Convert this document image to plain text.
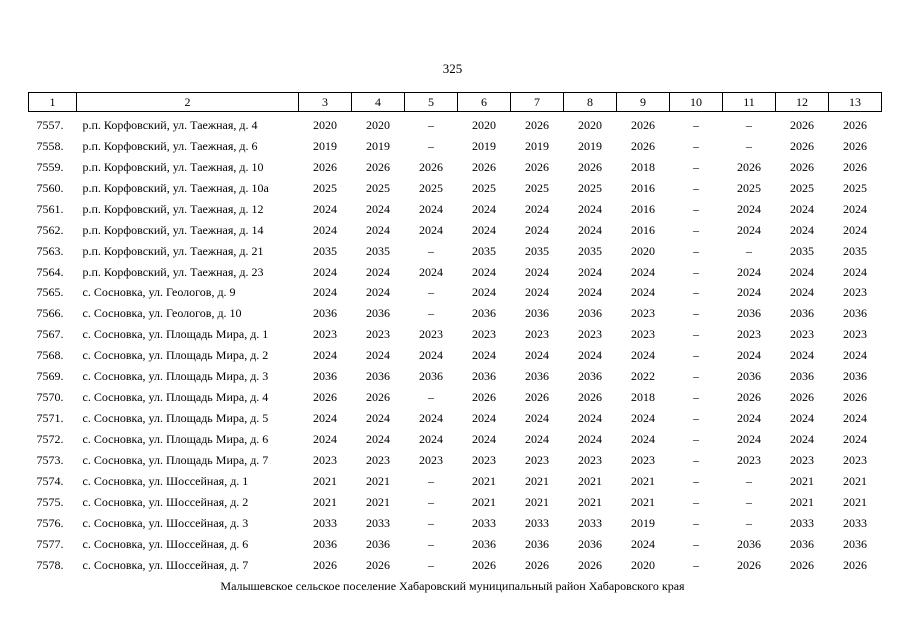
325
1	2	3	4	5	6	7	8	9	10	11	12	13
7557.	р.п. Корфовский, ул. Таежная, д. 4	2020	2020	–	2020	2026	2020	2026	–	–	2026	2026
7558.	р.п. Корфовский, ул. Таежная, д. 6	2019	2019	–	2019	2019	2019	2026	–	–	2026	2026
7559.	р.п. Корфовский, ул. Таежная, д. 10	2026	2026	2026	2026	2026	2026	2018	–	2026	2026	2026
7560.	р.п. Корфовский, ул. Таежная, д. 10а	2025	2025	2025	2025	2025	2025	2016	–	2025	2025	2025
7561.	р.п. Корфовский, ул. Таежная, д. 12	2024	2024	2024	2024	2024	2024	2016	–	2024	2024	2024
7562.	р.п. Корфовский, ул. Таежная, д. 14	2024	2024	2024	2024	2024	2024	2016	–	2024	2024	2024
7563.	р.п. Корфовский, ул. Таежная, д. 21	2035	2035	–	2035	2035	2035	2020	–	–	2035	2035
7564.	р.п. Корфовский, ул. Таежная, д. 23	2024	2024	2024	2024	2024	2024	2024	–	2024	2024	2024
7565.	с. Сосновка, ул. Геологов, д. 9	2024	2024	–	2024	2024	2024	2024	–	2024	2024	2023
7566.	с. Сосновка, ул. Геологов, д. 10	2036	2036	–	2036	2036	2036	2023	–	2036	2036	2036
7567.	с. Сосновка, ул. Площадь Мира, д. 1	2023	2023	2023	2023	2023	2023	2023	–	2023	2023	2023
7568.	с. Сосновка, ул. Площадь Мира, д. 2	2024	2024	2024	2024	2024	2024	2024	–	2024	2024	2024
7569.	с. Сосновка, ул. Площадь Мира, д. 3	2036	2036	2036	2036	2036	2036	2022	–	2036	2036	2036
7570.	с. Сосновка, ул. Площадь Мира, д. 4	2026	2026	–	2026	2026	2026	2018	–	2026	2026	2026
7571.	с. Сосновка, ул. Площадь Мира, д. 5	2024	2024	2024	2024	2024	2024	2024	–	2024	2024	2024
7572.	с. Сосновка, ул. Площадь Мира, д. 6	2024	2024	2024	2024	2024	2024	2024	–	2024	2024	2024
7573.	с. Сосновка, ул. Площадь Мира, д. 7	2023	2023	2023	2023	2023	2023	2023	–	2023	2023	2023
7574.	с. Сосновка, ул. Шоссейная, д. 1	2021	2021	–	2021	2021	2021	2021	–	–	2021	2021
7575.	с. Сосновка, ул. Шоссейная, д. 2	2021	2021	–	2021	2021	2021	2021	–	–	2021	2021
7576.	с. Сосновка, ул. Шоссейная, д. 3	2033	2033	–	2033	2033	2033	2019	–	–	2033	2033
7577.	с. Сосновка, ул. Шоссейная, д. 6	2036	2036	–	2036	2036	2036	2024	–	2036	2036	2036
7578.	с. Сосновка, ул. Шоссейная, д. 7	2026	2026	–	2026	2026	2026	2020	–	2026	2026	2026
Малышевское сельское поселение Хабаровский муниципальный район Хабаровского края
